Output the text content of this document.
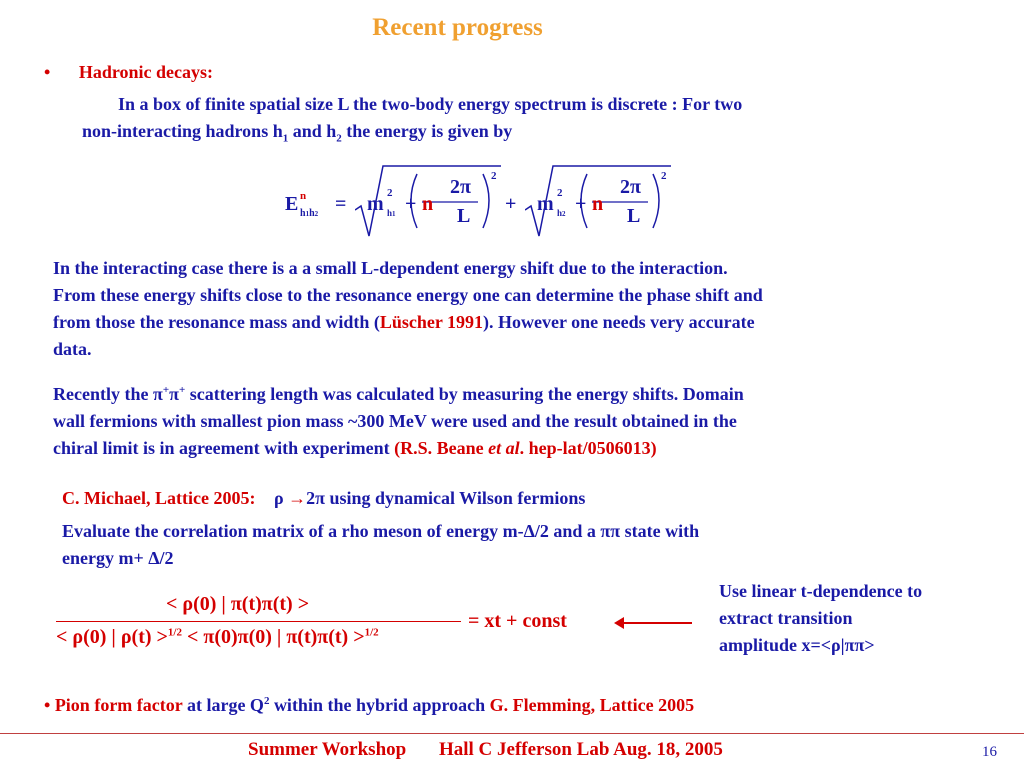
Recent progress
• Hadronic decays:
In a box of finite spatial size L the two-body energy spectrum is discrete : For two
non-interacting hadrons $h_1$ and $h_2$ the energy is given by
E n
h1h2 = m 2
h1 + n
2π
L
2
+ m 2
h2 + n
2π
L
2
In the interacting case there is a a small L-dependent energy shift due to the interaction.
From these energy shifts close to the resonance energy one can determine the phase shift and
from those the resonance mass and width (Lüscher 1991). However one needs very accurate
data.
Recently the π+π+ scattering length was calculated by measuring the energy shifts. Domain
wall fermions with smallest pion mass ~300 MeV were used and the result obtained in the
chiral limit is in agreement with experiment (R.S. Beane et al. hep-lat/0506013)
C. Michael, Lattice 2005: ρ →2π using dynamical Wilson fermions
Evaluate the correlation matrix of a rho meson of energy m-Δ/2 and a ππ state with
energy m+ Δ/2
< ρ(0) | π(t)π(t) >
< ρ(0) | ρ(t) >$^{1/2}$ < π(0)π(0) | π(t)π(t) >$^{1/2}$
= xt + const
Use linear t-dependence to
extract transition
amplitude x=<ρ|ππ>
• Pion form factor at large $Q^2$ within the hybrid approach G. Flemming, Lattice 2005
Summer Workshop Hall C Jefferson Lab Aug. 18, 2005	16
